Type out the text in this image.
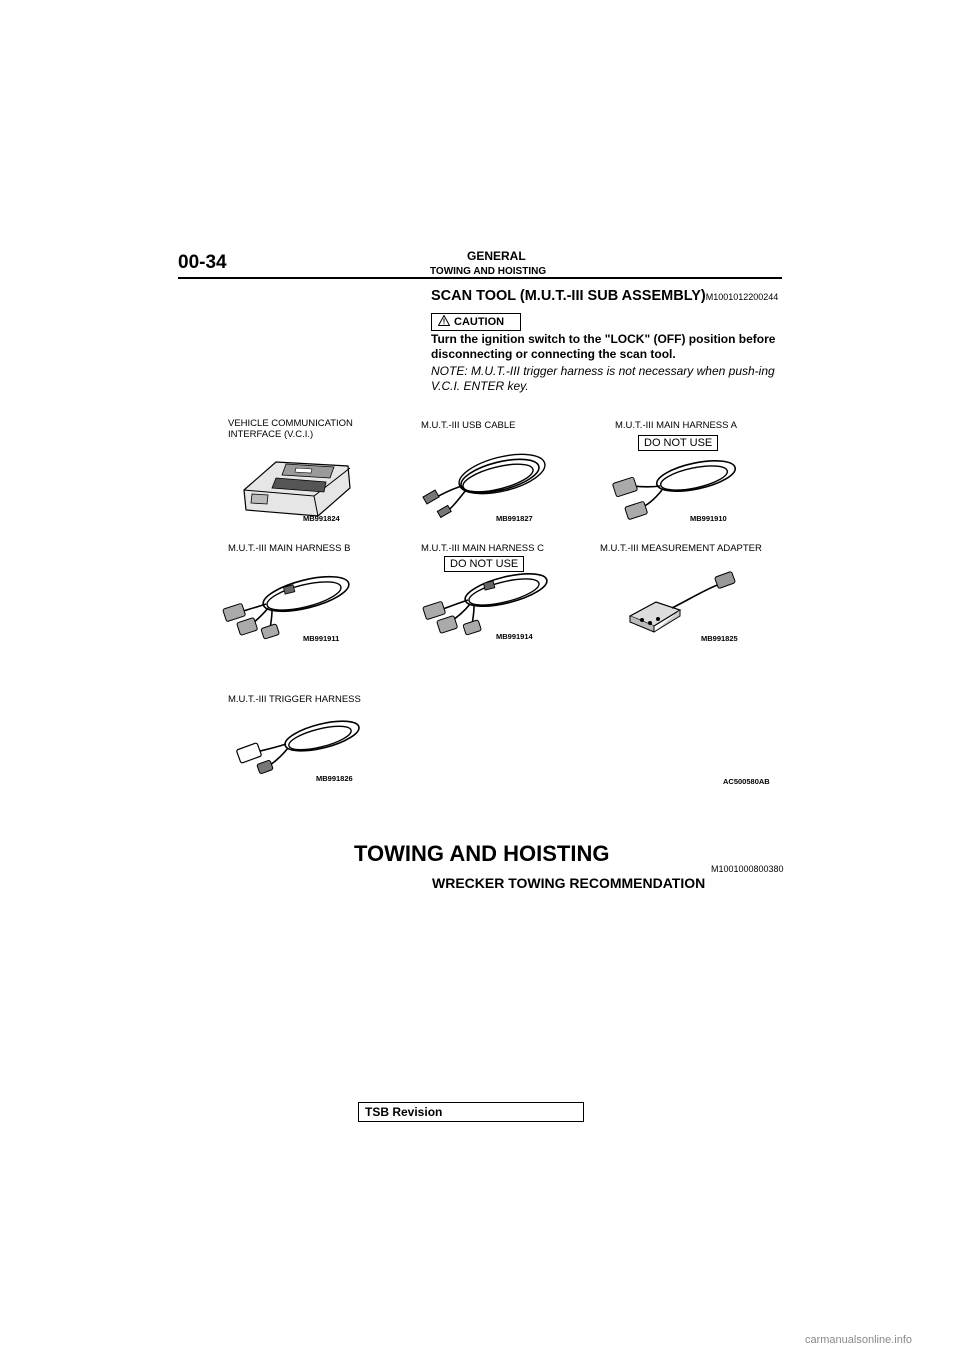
00-34	GENERAL
TOWING AND HOISTING
SCAN TOOL (M.U.T.-III SUB ASSEMBLY)M1001012200244
CAUTION
Turn the ignition switch to the "LOCK" (OFF) position before disconnecting or connecting the scan tool.
NOTE: M.U.T.-III trigger harness is not necessary when push-ing V.C.I. ENTER key.
VEHICLE COMMUNICATION
INTERFACE (V.C.I.)
M.U.T.-III USB CABLE	M.U.T.-III MAIN HARNESS A
DO NOT USE
M.U.T.-III MAIN HARNESS B	M.U.T.-III MAIN HARNESS C
DO NOT USE
M.U.T.-III MEASUREMENT ADAPTER
M.U.T.-III TRIGGER HARNESS
MB991824	MB991827	MB991910
MB991911	MB991914	MB991825
MB991826	AC500580AB
TOWING AND HOISTING
M1001000800380
WRECKER TOWING RECOMMENDATION
TSB Revision
carmanualsonline.info
